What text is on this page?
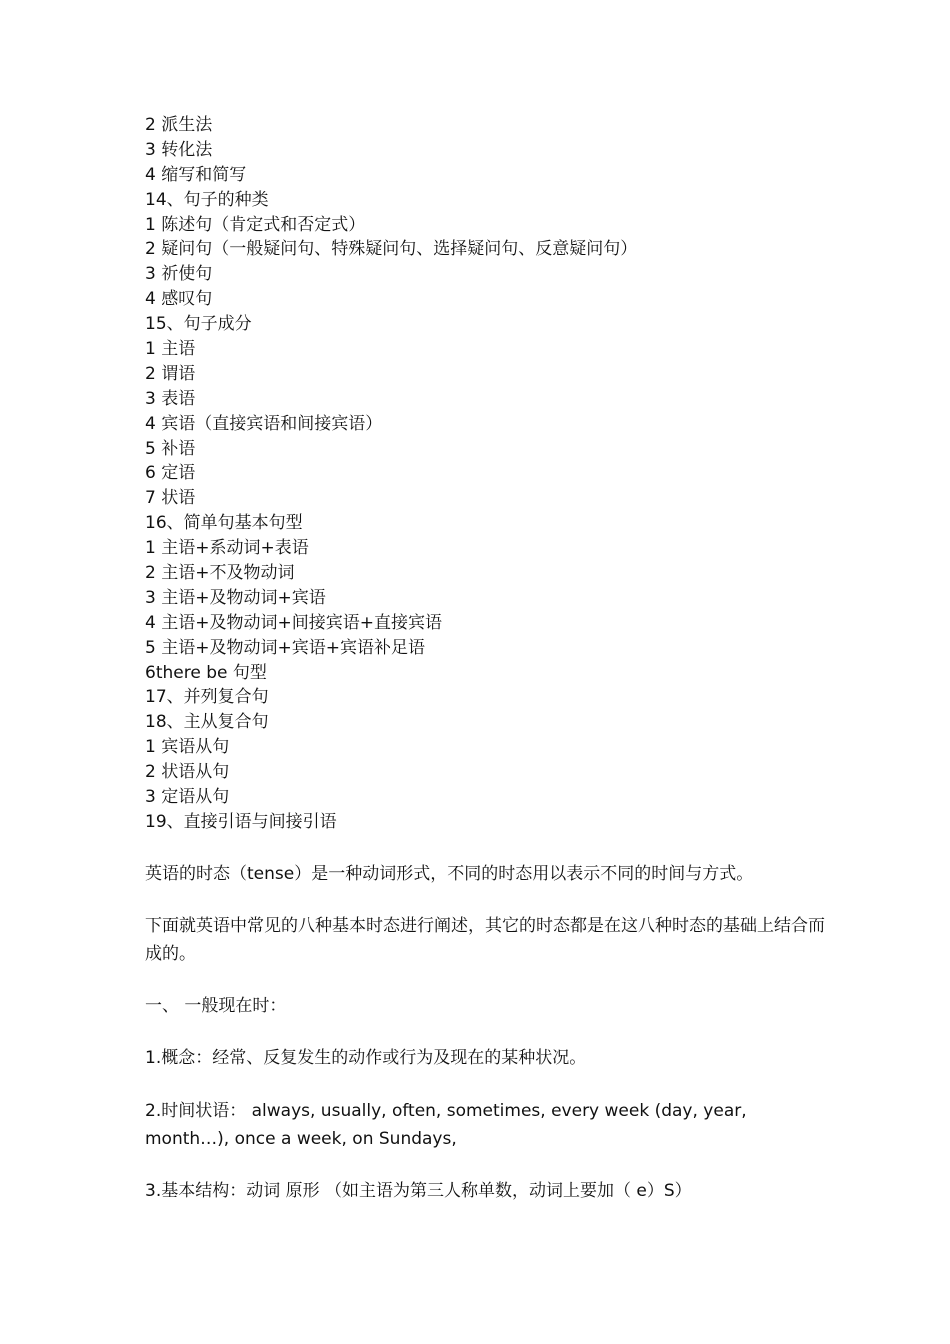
2 派生法

3 转化法

4 缩写和简写

14、句子的种类

1 陈述句（肯定式和否定式）

2 疑问句（一般疑问句、特殊疑问句、选择疑问句、反意疑问句）

3 祈使句

4 感叹句

15、句子成分

1 主语

2 谓语

3 表语

4 宾语（直接宾语和间接宾语）

5 补语

6 定语

7 状语

16、简单句基本句型

1 主语+系动词+表语

2 主语+不及物动词

3 主语+及物动词+宾语

4 主语+及物动词+间接宾语+直接宾语

5 主语+及物动词+宾语+宾语补足语

6there be 句型

17、并列复合句

18、主从复合句

1 宾语从句

2 状语从句

3 定语从句

19、直接引语与间接引语

英语的时态（tense）是一种动词形式，不同的时态用以表示不同的时间与方式。

下面就英语中常见的八种基本时态进行阐述，其它的时态都是在这八种时态的基础上结合而成的。

一、 一般现在时：

1.概念：经常、反复发生的动作或行为及现在的某种状况。

2.时间状语： always, usually, often, sometimes, every week (day, year, month…), once a week, on Sundays,

3.基本结构：动词 原形 （如主语为第三人称单数，动词上要加（ e）S）
